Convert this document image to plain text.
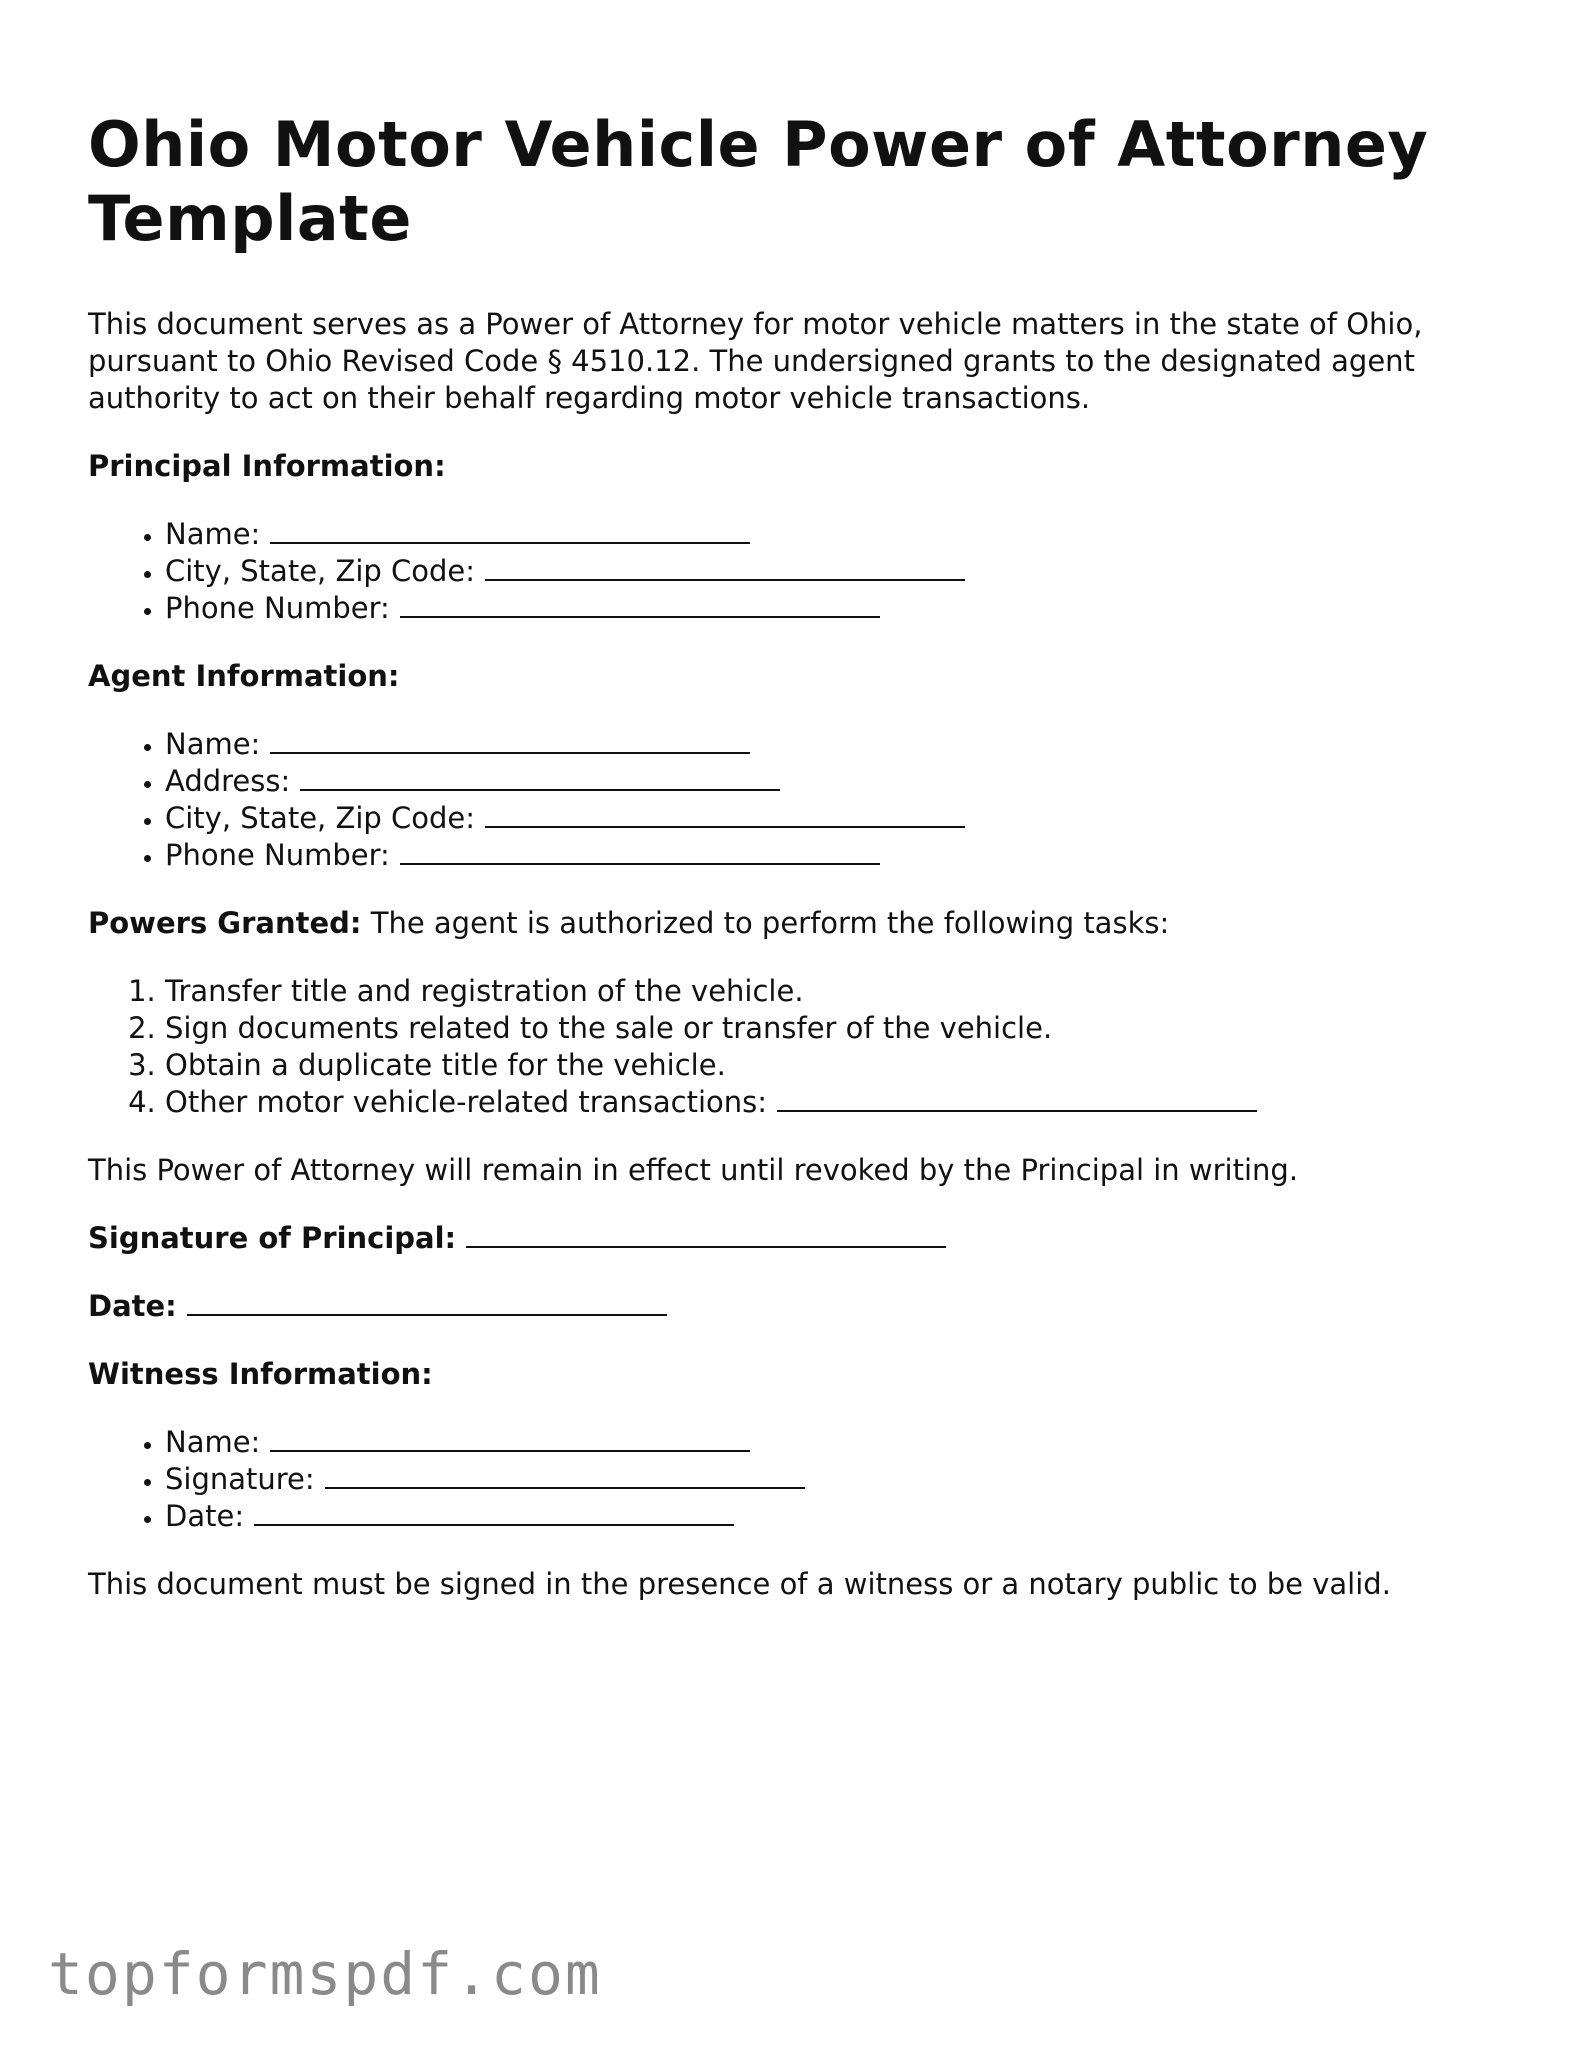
Ohio Motor Vehicle Power of Attorney Template

This document serves as a Power of Attorney for motor vehicle matters in the state of Ohio, pursuant to Ohio Revised Code § 4510.12. The undersigned grants to the designated agent authority to act on their behalf regarding motor vehicle transactions.

Principal Information:

• Name:
• City, State, Zip Code:
• Phone Number:

Agent Information:

• Name:
• Address:
• City, State, Zip Code:
• Phone Number:

Powers Granted: The agent is authorized to perform the following tasks:

1. Transfer title and registration of the vehicle.
2. Sign documents related to the sale or transfer of the vehicle.
3. Obtain a duplicate title for the vehicle.
4. Other motor vehicle-related transactions:

This Power of Attorney will remain in effect until revoked by the Principal in writing.

Signature of Principal:

Date:

Witness Information:

• Name:
• Signature:
• Date:

This document must be signed in the presence of a witness or a notary public to be valid.

topformspdf.com
